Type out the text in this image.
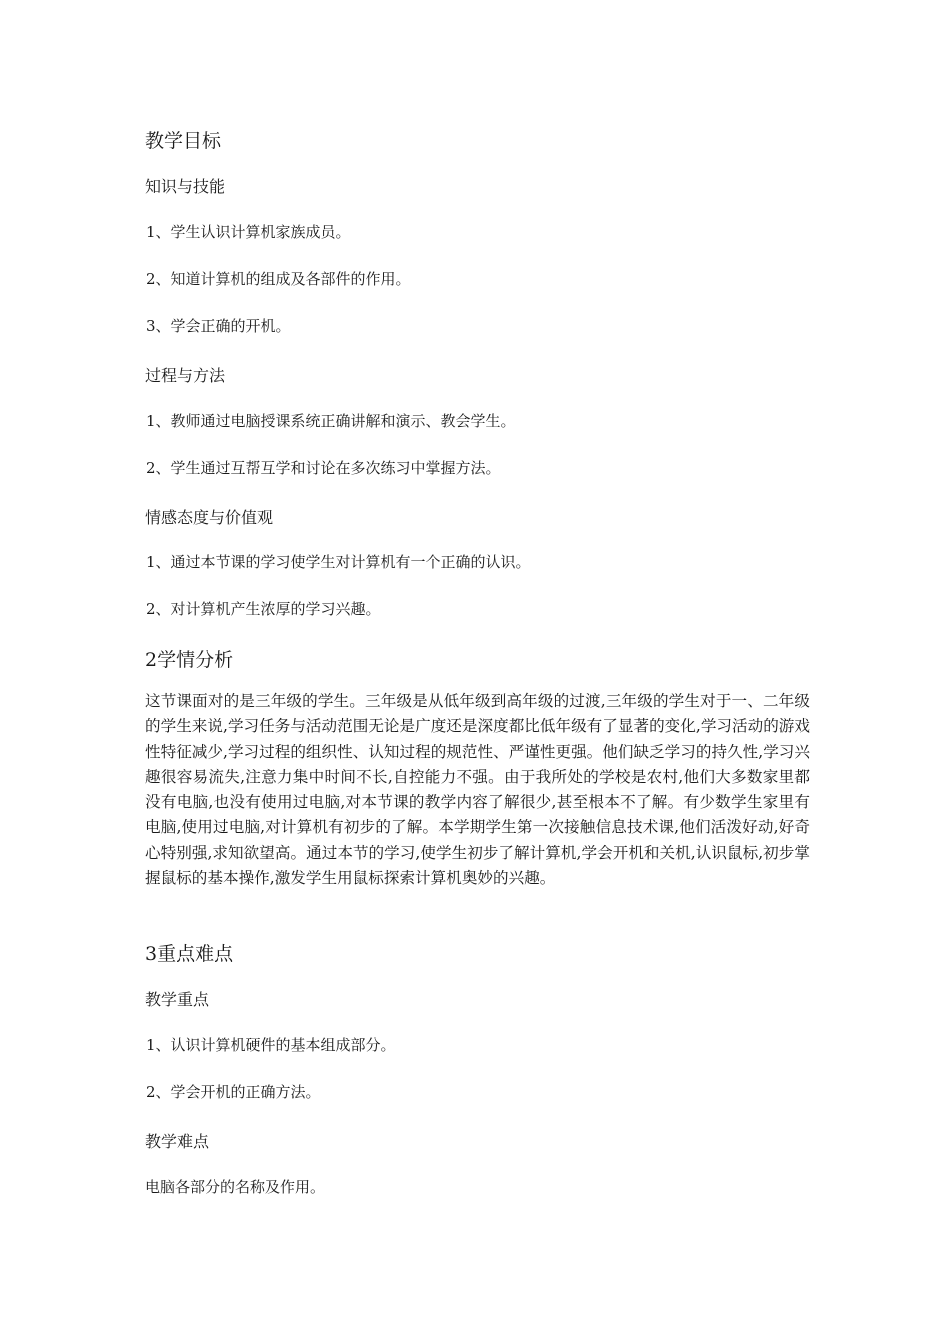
教学目标
知识与技能
1、学生认识计算机家族成员。
2、知道计算机的组成及各部件的作用。
3、学会正确的开机。
过程与方法
1、教师通过电脑授课系统正确讲解和演示、教会学生。
2、学生通过互帮互学和讨论在多次练习中掌握方法。
情感态度与价值观
1、通过本节课的学习使学生对计算机有一个正确的认识。
2、对计算机产生浓厚的学习兴趣。
2学情分析
这节课面对的是三年级的学生。三年级是从低年级到高年级的过渡,三年级的学生对于一、二年级的学生来说,学习任务与活动范围无论是广度还是深度都比低年级有了显著的变化,学习活动的游戏性特征减少,学习过程的组织性、认知过程的规范性、严谨性更强。他们缺乏学习的持久性,学习兴趣很容易流失,注意力集中时间不长,自控能力不强。由于我所处的学校是农村,他们大多数家里都没有电脑,也没有使用过电脑,对本节课的教学内容了解很少,甚至根本不了解。有少数学生家里有电脑,使用过电脑,对计算机有初步的了解。本学期学生第一次接触信息技术课,他们活泼好动,好奇心特别强,求知欲望高。通过本节的学习,使学生初步了解计算机,学会开机和关机,认识鼠标,初步掌握鼠标的基本操作,激发学生用鼠标探索计算机奥妙的兴趣。
3重点难点
教学重点
1、认识计算机硬件的基本组成部分。
2、学会开机的正确方法。
教学难点
电脑各部分的名称及作用。
